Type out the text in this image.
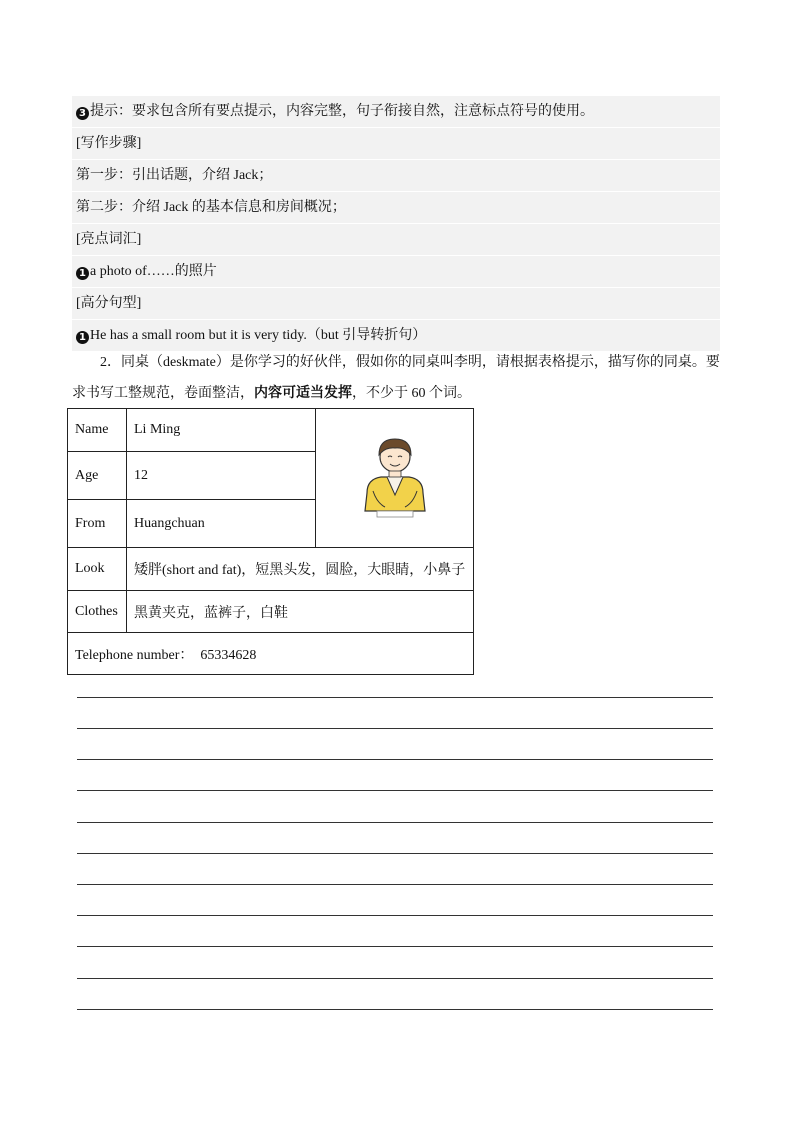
3 提示：要求包含所有要点提示，内容完整，句子衔接自然，注意标点符号的使用。
[写作步骤]
第一步：引出话题，介绍 Jack；
第二步：介绍 Jack 的基本信息和房间概况；
[亮点词汇]
1 a photo of……的照片
[高分句型]
1 He has a small room but it is very tidy.（but 引导转折句）
2．同桌（deskmate）是你学习的好伙伴，假如你的同桌叫李明，请根据表格提示，描写你的同桌。要求书写工整规范，卷面整洁，内容可适当发挥，不少于 60 个词。
Name	Li Ming	
Age	12	
From	Huangchuan	
Look	矮胖(short and fat)，短黑头发，圆脸，大眼睛，小鼻子	
Clothes	黑黄夹克，蓝裤子，白鞋	
Telephone number： 65334628		
